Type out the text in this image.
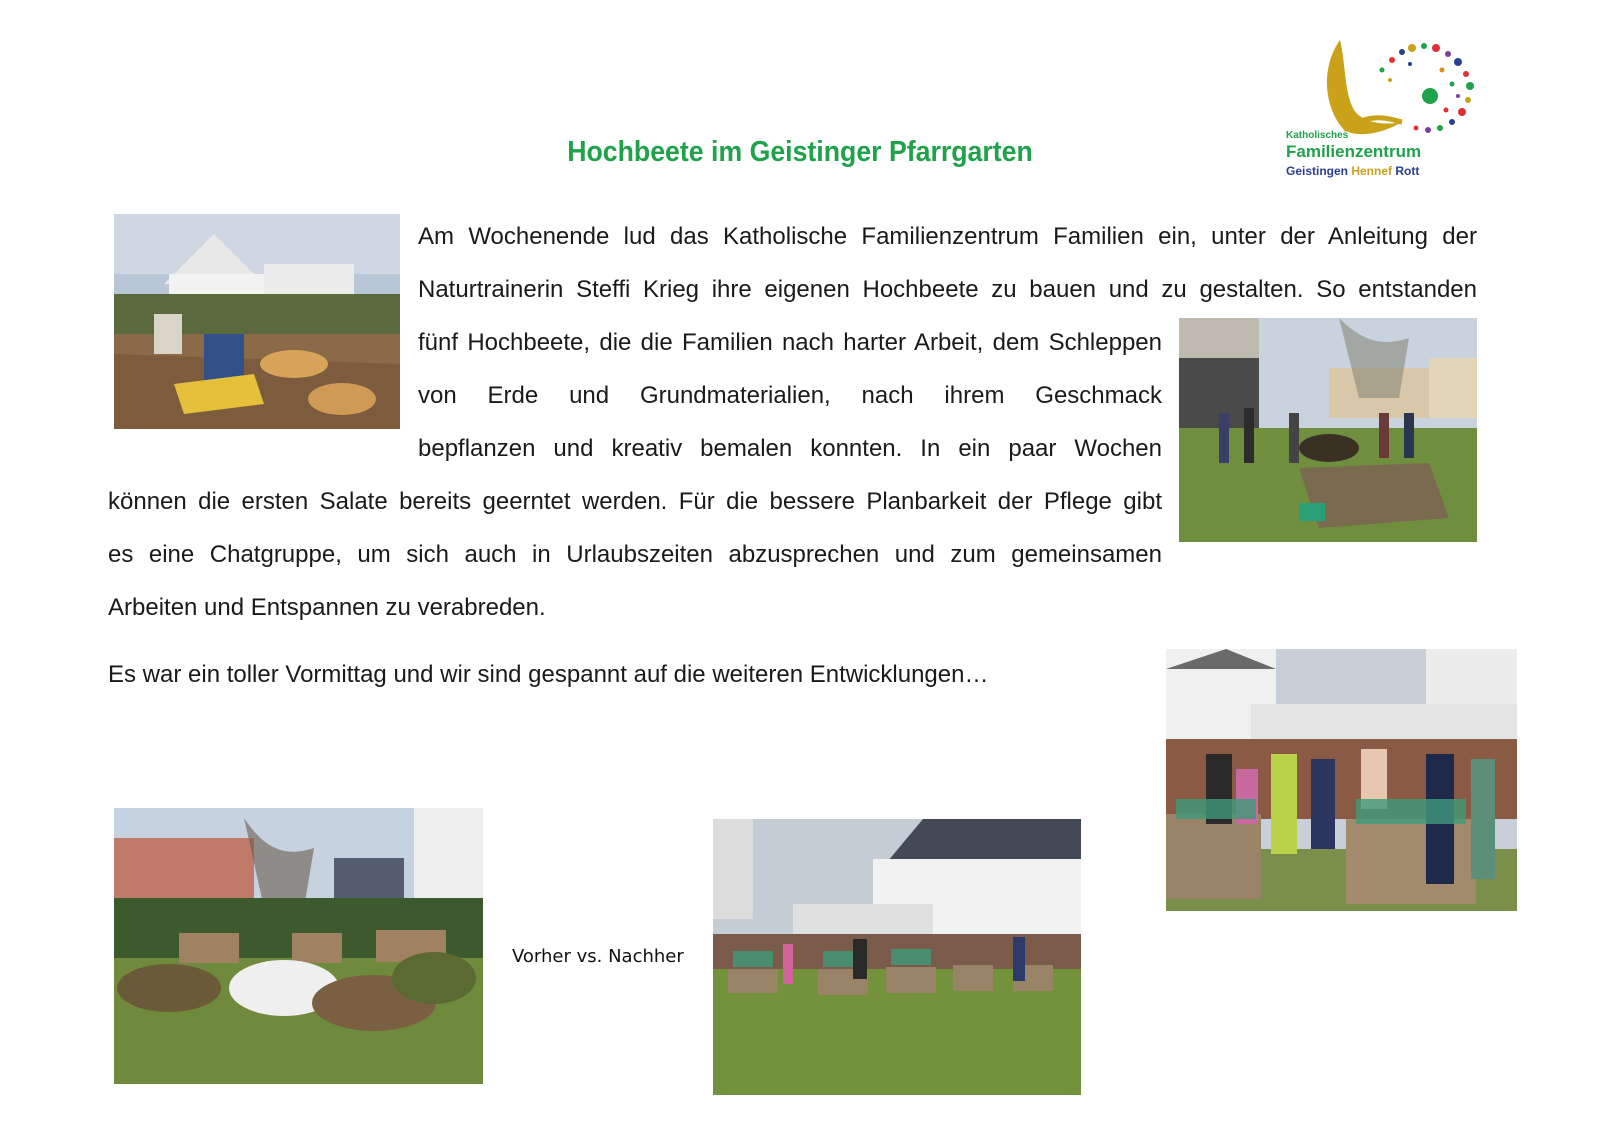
Hochbeete im Geistinger Pfarrgarten
Katholisches
Familienzentrum
Geistingen Hennef Rott

Am Wochenende lud das Katholische Familienzentrum Familien ein, unter der Anleitung der

Naturtrainerin Steffi Krieg ihre eigenen Hochbeete zu bauen und zu gestalten. So entstanden

fünf Hochbeete, die die Familien nach harter Arbeit, dem Schleppen

von Erde und Grundmaterialien, nach ihrem Geschmack

bepflanzen und kreativ bemalen konnten. In ein paar Wochen

können die ersten Salate bereits geerntet werden. Für die bessere Planbarkeit der Pflege gibt

es eine Chatgruppe, um sich auch in Urlaubszeiten abzusprechen und zum gemeinsamen

Arbeiten und Entspannen zu verabreden.

Es war ein toller Vormittag und wir sind gespannt auf die weiteren Entwicklungen…

Vorher vs. Nachher
